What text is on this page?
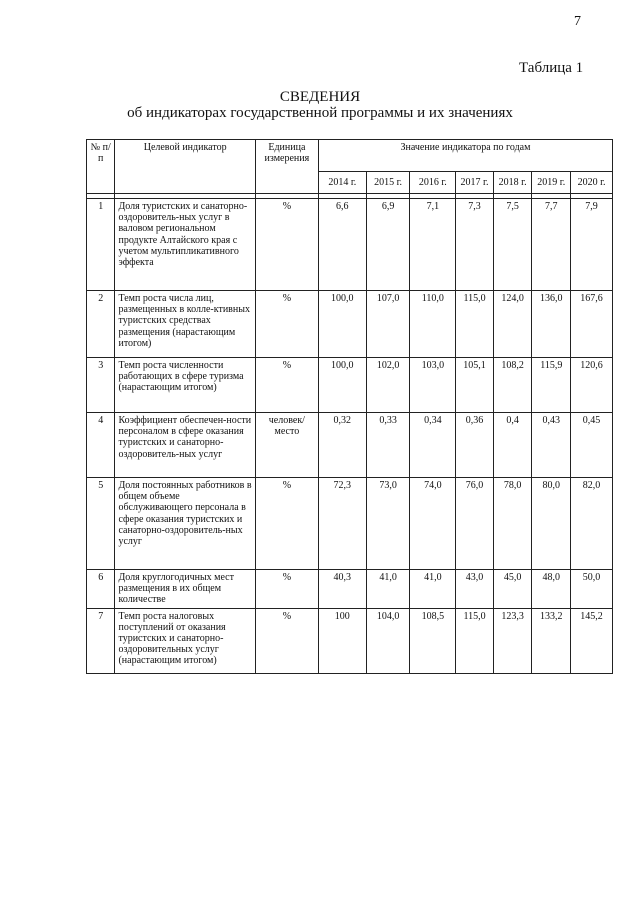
7
Таблица 1
СВЕДЕНИЯ
об индикаторах государственной программы и их значениях
№ п/п	Целевой индикатор	Единица измерения	Значение индикатора по годам						
			2014 г.	2015 г.	2016 г.	2017 г.	2018 г.	2019 г.	2020 г.

1	Доля туристских и санаторно-оздоровитель-ных услуг в валовом региональном продукте Алтайского края с учетом мультипликативного эффекта	%	6,6	6,9	7,1	7,3	7,5	7,7	7,9
2	Темп роста числа лиц, размещенных в колле-ктивных туристских средствах размещения (нарастающим итогом)	%	100,0	107,0	110,0	115,0	124,0	136,0	167,6
3	Темп роста численности работающих в сфере туризма (нарастающим итогом)	%	100,0	102,0	103,0	105,1	108,2	115,9	120,6
4	Коэффициент обеспечен-ности персоналом в сфере оказания туристских и санаторно-оздоровитель-ных услуг	человек/ место	0,32	0,33	0,34	0,36	0,4	0,43	0,45
5	Доля постоянных работников в общем объеме обслуживающего персонала в сфере оказания туристских и санаторно-оздоровитель-ных услуг	%	72,3	73,0	74,0	76,0	78,0	80,0	82,0
6	Доля круглогодичных мест размещения в их общем количестве	%	40,3	41,0	41,0	43,0	45,0	48,0	50,0
7	Темп роста налоговых поступлений от оказания туристских и санаторно-оздоровительных услуг (нарастающим итогом)	%	100	104,0	108,5	115,0	123,3	133,2	145,2
